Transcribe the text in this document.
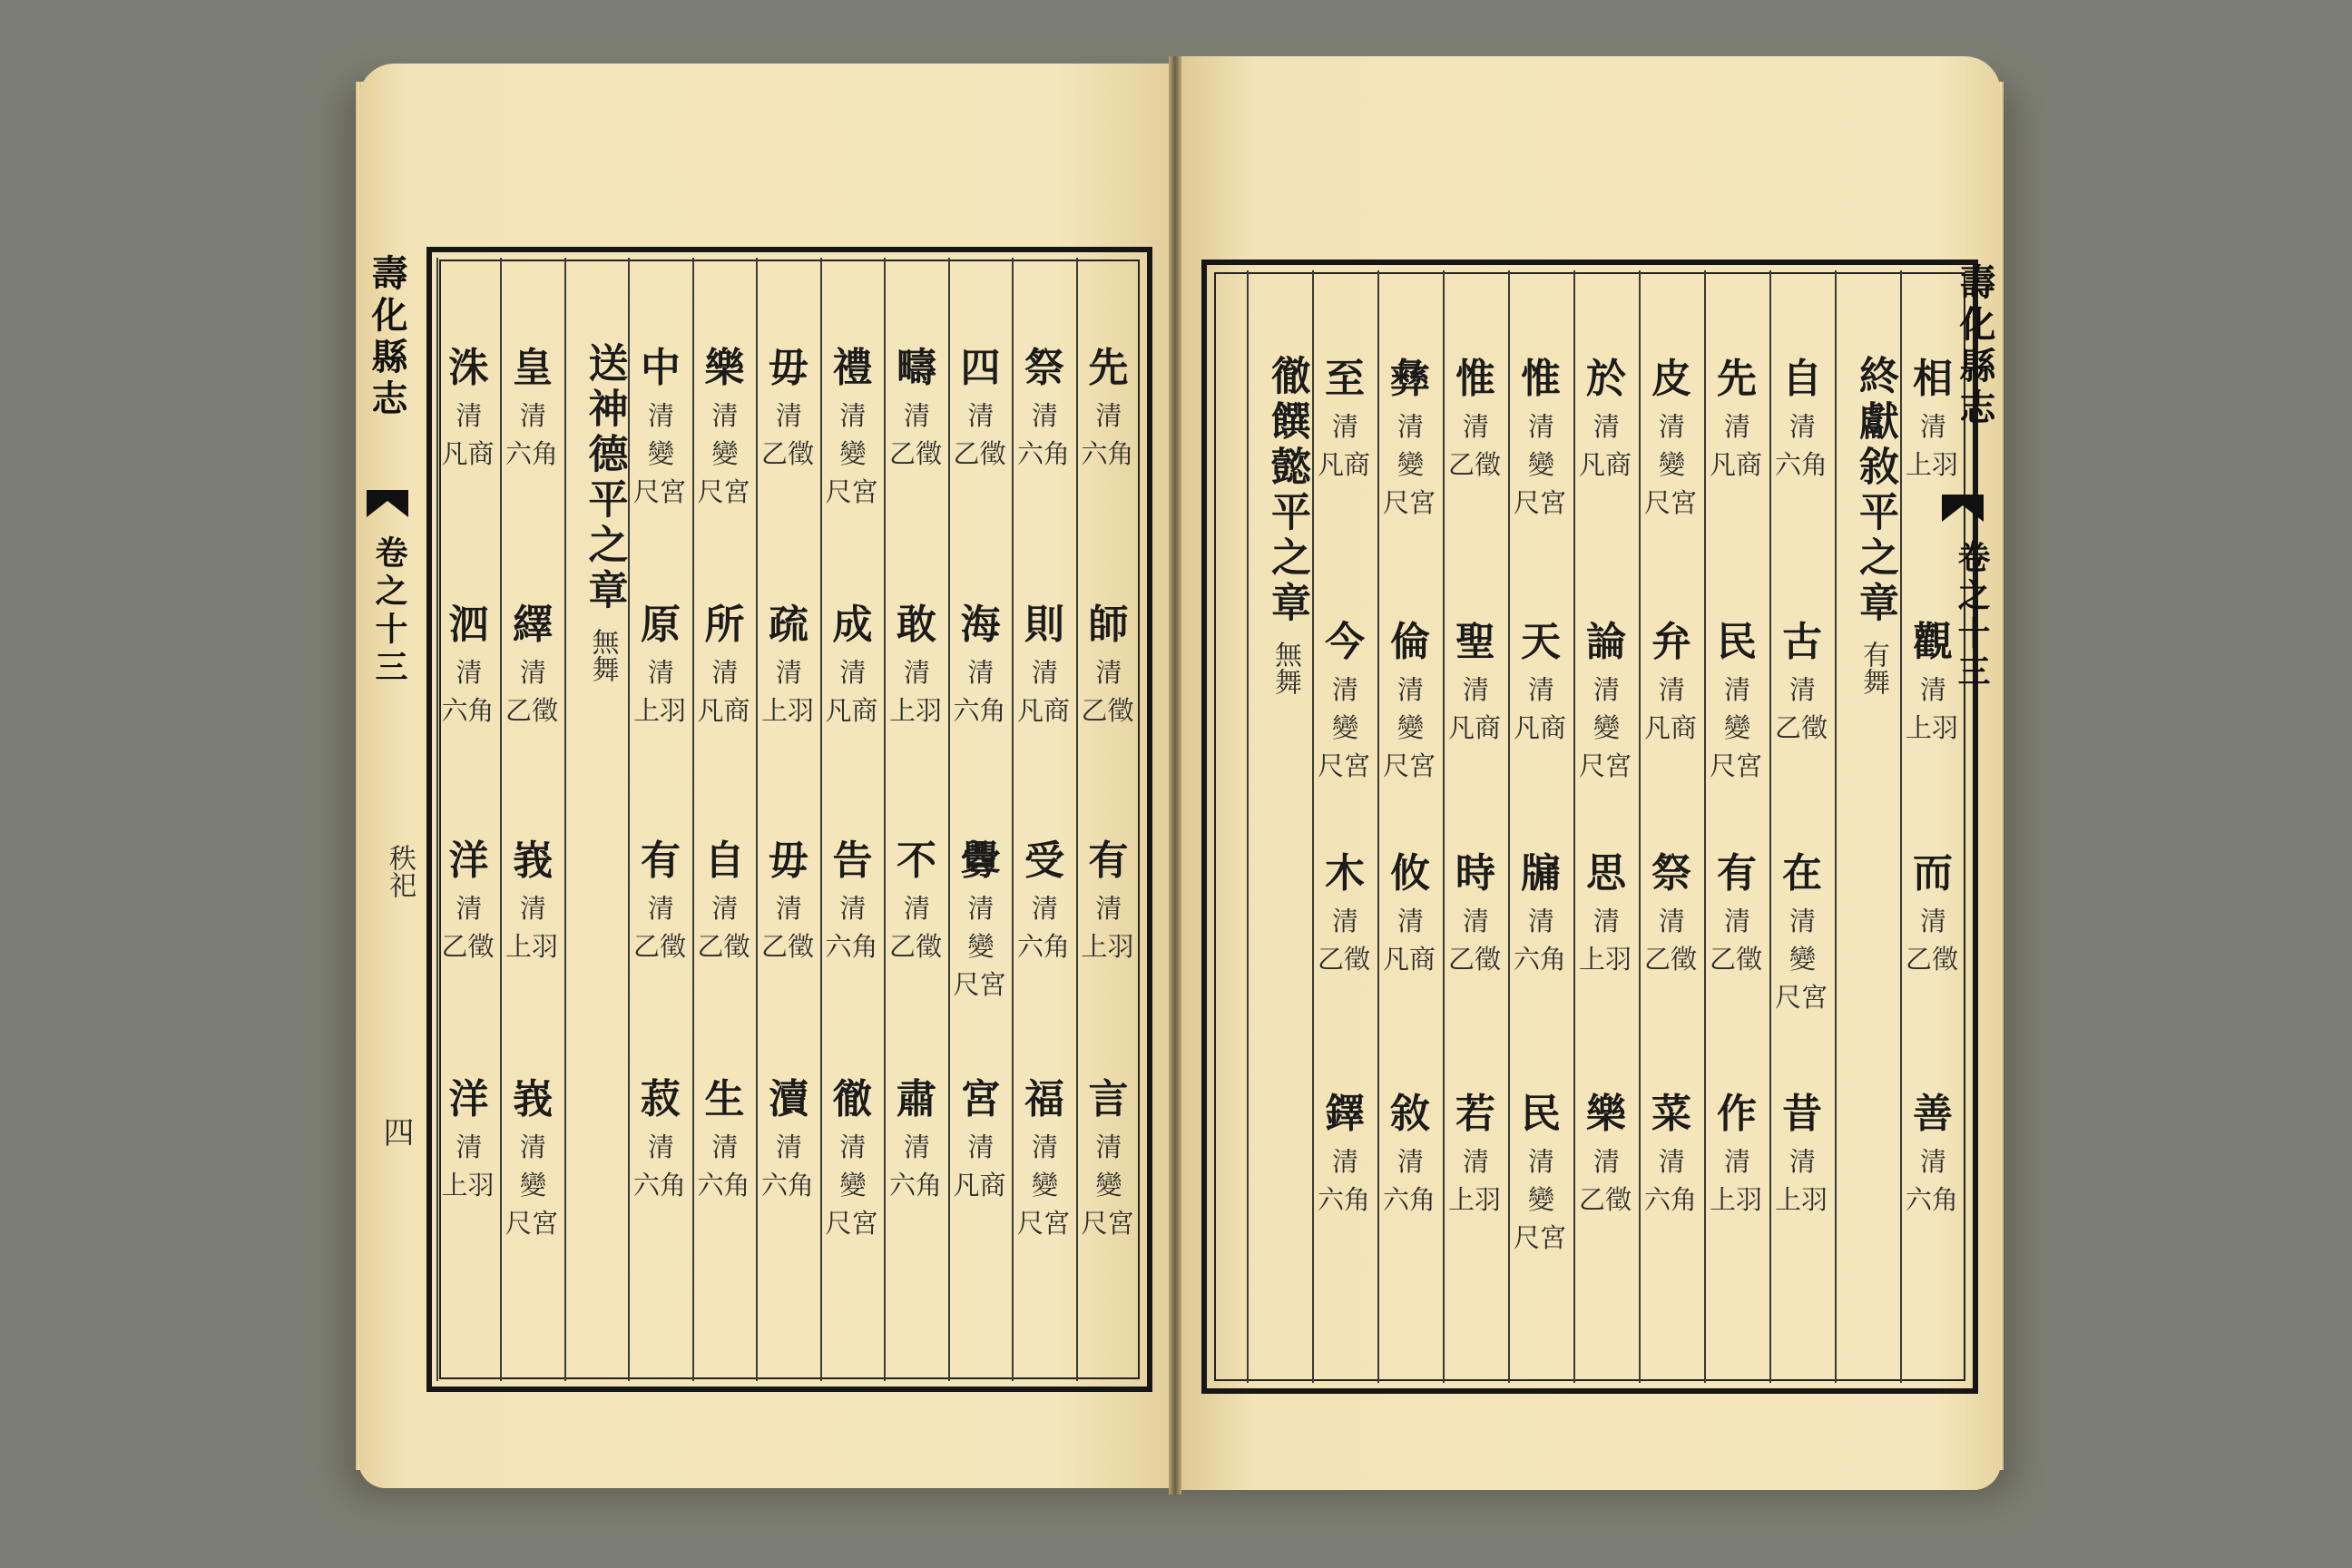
壽化縣志
卷之十三
秩祀
四
壽化縣志
卷之十三
先
清
六角
師
清
乙徵
有
清
上羽
言
清
變
尺宮
祭
清
六角
則
清
凡商
受
清
六角
福
清
變
尺宮
四
清
乙徵
海
清
六角
釁
清
變
尺宮
宮
清
凡商
疇
清
乙徵
敢
清
上羽
不
清
乙徵
肅
清
六角
禮
清
變
尺宮
成
清
凡商
告
清
六角
徹
清
變
尺宮
毋
清
乙徵
疏
清
上羽
毋
清
乙徵
瀆
清
六角
樂
清
變
尺宮
所
清
凡商
自
清
乙徵
生
清
六角
中
清
變
尺宮
原
清
上羽
有
清
乙徵
菽
清
六角
送神德平之章
無舞
皇
清
六角
繹
清
乙徵
峩
清
上羽
峩
清
變
尺宮
洙
清
凡商
泗
清
六角
洋
清
乙徵
洋
清
上羽
相
清
上羽
觀
清
上羽
而
清
乙徵
善
清
六角
終獻敘平之章
有舞
自
清
六角
古
清
乙徵
在
清
變
尺宮
昔
清
上羽
先
清
凡商
民
清
變
尺宮
有
清
乙徵
作
清
上羽
皮
清
變
尺宮
弁
清
凡商
祭
清
乙徵
菜
清
六角
於
清
凡商
論
清
變
尺宮
思
清
上羽
樂
清
乙徵
惟
清
變
尺宮
天
清
凡商
牖
清
六角
民
清
變
尺宮
惟
清
乙徵
聖
清
凡商
時
清
乙徵
若
清
上羽
彝
清
變
尺宮
倫
清
變
尺宮
攸
清
凡商
敘
清
六角
至
清
凡商
今
清
變
尺宮
木
清
乙徵
鐸
清
六角
徹饌懿平之章
無舞
